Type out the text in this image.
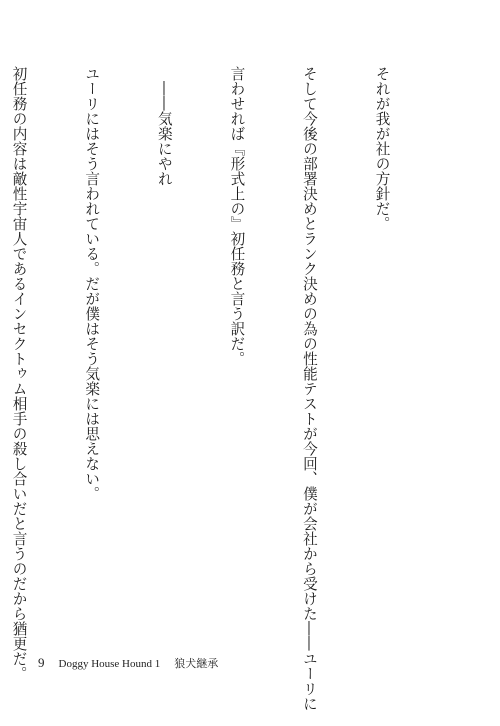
それが我が社の方針だ。

そして今後の部署決めとランク決めの為の性能テストが今回、僕が会社から受けた――ユーリに

言わせれば『形式上の』初任務と言う訳だ。

　――気楽にやれ

ユーリにはそう言われている。だが僕はそう気楽には思えない。

初任務の内容は敵性宇宙人であるインセクトゥム相手の殺し合いだと言うのだから猶更だ。

9 Doggy House Hound 1 狼犬継承
